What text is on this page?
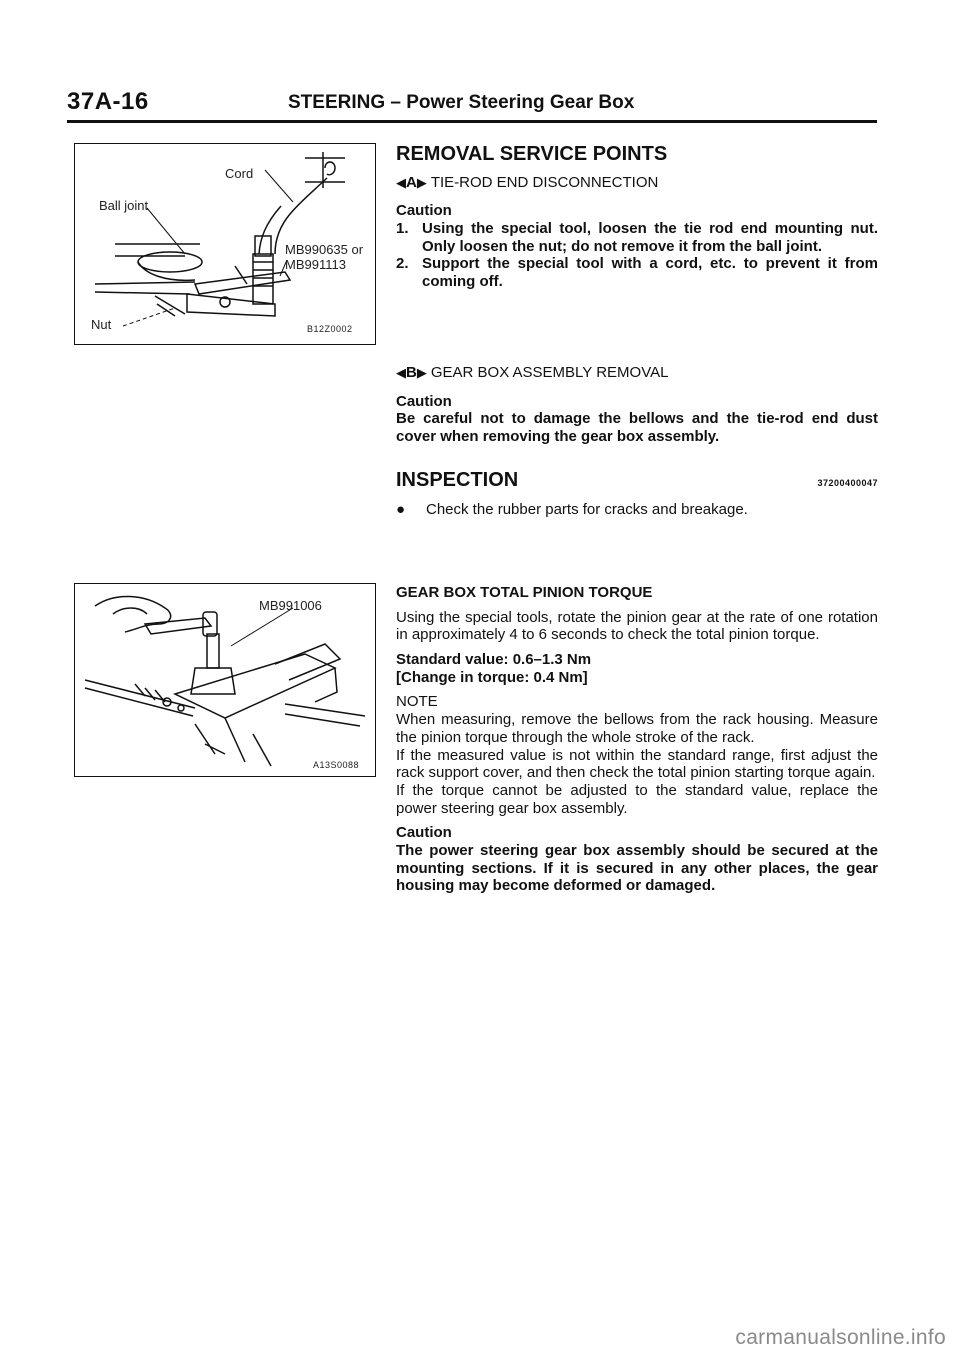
37A-16	STEERING – Power Steering Gear Box
Cord
Ball joint
MB990635 or
MB991113
Nut	B12Z0002
MB991006
A13S0088
REMOVAL SERVICE POINTS
◀ A ▶ TIE-ROD END DISCONNECTION

Caution

1. Using the special tool, loosen the tie rod end mounting nut. Only loosen the nut; do not remove it from the ball joint.
2. Support the special tool with a cord, etc. to prevent it from coming off.
◀ B ▶ GEAR BOX ASSEMBLY REMOVAL

Caution

Be careful not to damage the bellows and the tie-rod end dust cover when removing the gear box assembly.

INSPECTION	37200400047
●	Check the rubber parts for cracks and breakage.

GEAR BOX TOTAL PINION TORQUE

Using the special tools, rotate the pinion gear at the rate of one rotation in approximately 4 to 6 seconds to check the total pinion torque.

Standard value: 0.6–1.3 Nm

[Change in torque: 0.4 Nm]

NOTE

When measuring, remove the bellows from the rack housing. Measure the pinion torque through the whole stroke of the rack.

If the measured value is not within the standard range, first adjust the rack support cover, and then check the total pinion starting torque again.

If the torque cannot be adjusted to the standard value, replace the power steering gear box assembly.

Caution

The power steering gear box assembly should be secured at the mounting sections. If it is secured in any other places, the gear housing may become deformed or damaged.

carmanualsonline.info
